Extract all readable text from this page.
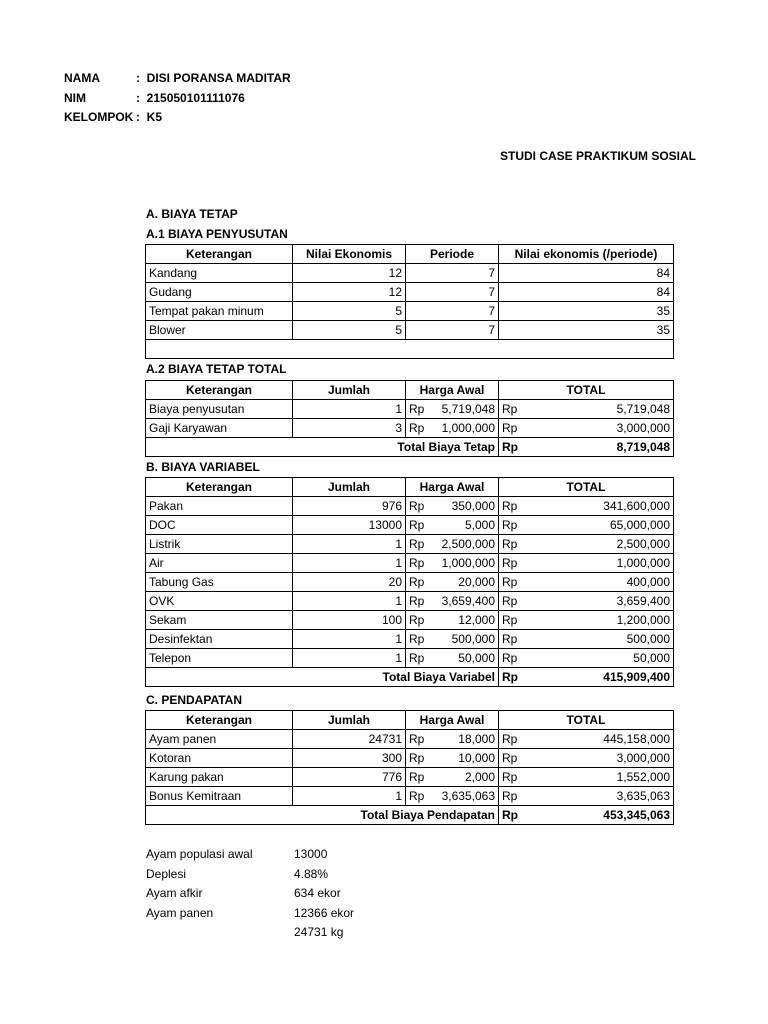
NAMA	: DISI PORANSA MADITAR
NIM	: 215050101111076
KELOMPOK : K5
STUDI CASE PRAKTIKUM SOSIAL
A. BIAYA TETAP
A.1 BIAYA PENYUSUTAN
Keterangan	Nilai Ekonomis	Periode	Nilai ekonomis (/periode)
Kandang	12	7	84
Gudang	12	7	84
Tempat pakan minum	5	7	35
Blower	5	7	35

A.2 BIAYA TETAP TOTAL
Keterangan	Jumlah	Harga Awal	TOTAL
Biaya penyusutan	1	Rp 5,719,048	Rp 5,719,048
Gaji Karyawan	3	Rp 1,000,000	Rp 3,000,000
Total Biaya Tetap			Rp 8,719,048
B. BIAYA VARIABEL
Keterangan	Jumlah	Harga Awal	TOTAL
Pakan	976	Rp 350,000	Rp 341,600,000
DOC	13000	Rp 5,000	Rp 65,000,000
Listrik	1	Rp 2,500,000	Rp 2,500,000
Air	1	Rp 1,000,000	Rp 1,000,000
Tabung Gas	20	Rp 20,000	Rp 400,000
OVK	1	Rp 3,659,400	Rp 3,659,400
Sekam	100	Rp 12,000	Rp 1,200,000
Desinfektan	1	Rp 500,000	Rp 500,000
Telepon	1	Rp 50,000	Rp 50,000
Total Biaya Variabel			Rp 415,909,400
C. PENDAPATAN
Keterangan	Jumlah	Harga Awal	TOTAL
Ayam panen	24731	Rp 18,000	Rp 445,158,000
Kotoran	300	Rp 10,000	Rp 3,000,000
Karung pakan	776	Rp 2,000	Rp 1,552,000
Bonus Kemitraan	1	Rp 3,635,063	Rp 3,635,063
Total Biaya Pendapatan			Rp 453,345,063
Ayam populasi awal	13000
Deplesi	4.88%
Ayam afkir	634 ekor
Ayam panen	12366 ekor
24731 kg
